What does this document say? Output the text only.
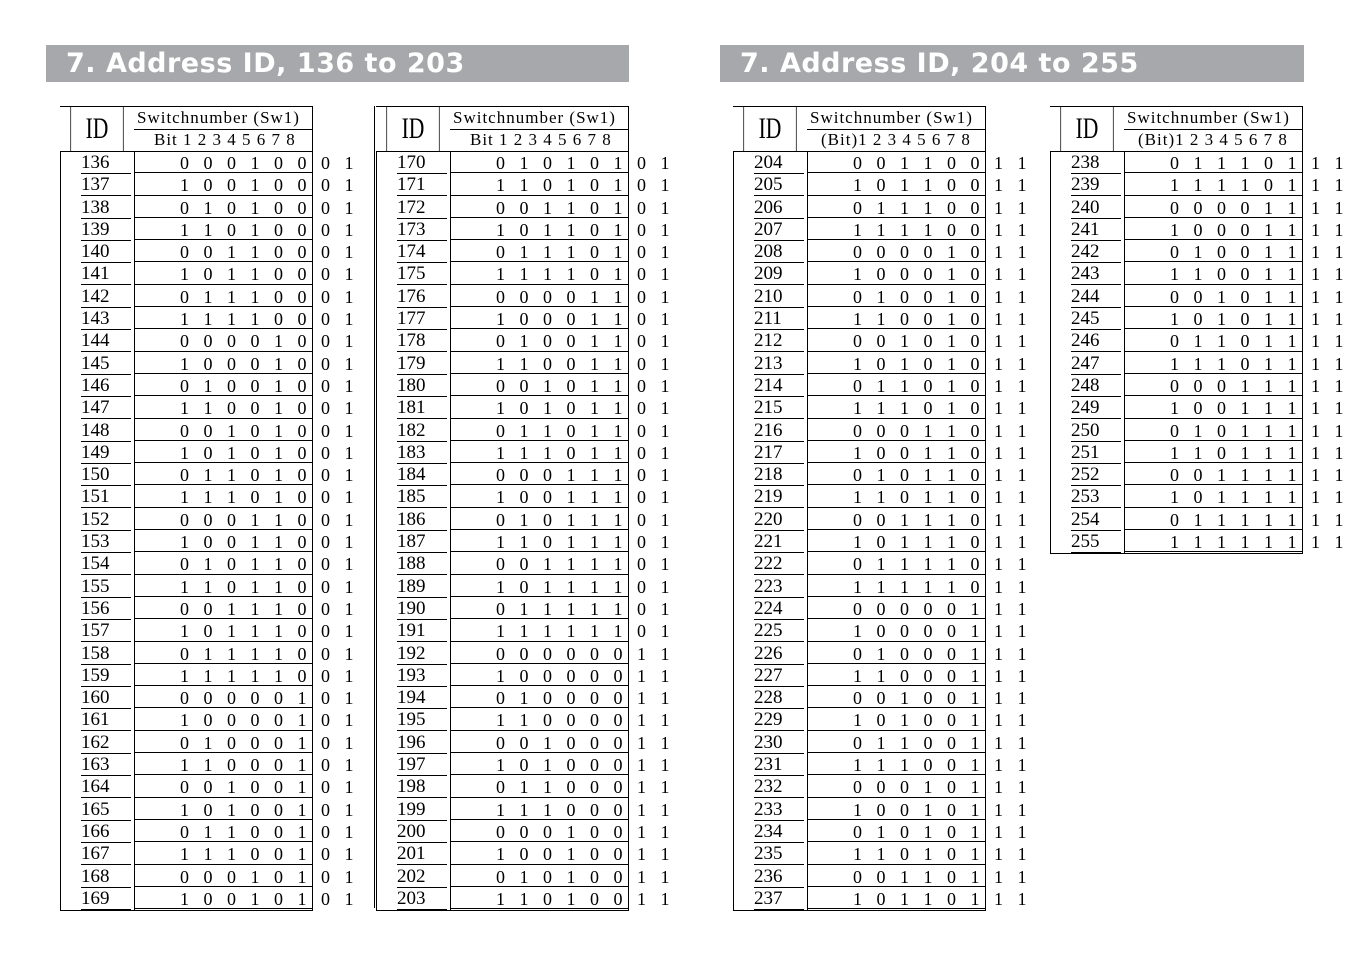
7. Address ID, 136 to 203	7. Address ID, 204 to 255
ID	Switchnumber (Sw1)
Bit 1 2 3 4 5 6 7 8
136	0 0 0 1 0 0 0 1
137	1 0 0 1 0 0 0 1
138	0 1 0 1 0 0 0 1
139	1 1 0 1 0 0 0 1
140	0 0 1 1 0 0 0 1
141	1 0 1 1 0 0 0 1
142	0 1 1 1 0 0 0 1
143	1 1 1 1 0 0 0 1
144	0 0 0 0 1 0 0 1
145	1 0 0 0 1 0 0 1
146	0 1 0 0 1 0 0 1
147	1 1 0 0 1 0 0 1
148	0 0 1 0 1 0 0 1
149	1 0 1 0 1 0 0 1
150	0 1 1 0 1 0 0 1
151	1 1 1 0 1 0 0 1
152	0 0 0 1 1 0 0 1
153	1 0 0 1 1 0 0 1
154	0 1 0 1 1 0 0 1
155	1 1 0 1 1 0 0 1
156	0 0 1 1 1 0 0 1
157	1 0 1 1 1 0 0 1
158	0 1 1 1 1 0 0 1
159	1 1 1 1 1 0 0 1
160	0 0 0 0 0 1 0 1
161	1 0 0 0 0 1 0 1
162	0 1 0 0 0 1 0 1
163	1 1 0 0 0 1 0 1
164	0 0 1 0 0 1 0 1
165	1 0 1 0 0 1 0 1
166	0 1 1 0 0 1 0 1
167	1 1 1 0 0 1 0 1
168	0 0 0 1 0 1 0 1
169	1 0 0 1 0 1 0 1
ID	Switchnumber (Sw1)
Bit 1 2 3 4 5 6 7 8
170	0 1 0 1 0 1 0 1
171	1 1 0 1 0 1 0 1
172	0 0 1 1 0 1 0 1
173	1 0 1 1 0 1 0 1
174	0 1 1 1 0 1 0 1
175	1 1 1 1 0 1 0 1
176	0 0 0 0 1 1 0 1
177	1 0 0 0 1 1 0 1
178	0 1 0 0 1 1 0 1
179	1 1 0 0 1 1 0 1
180	0 0 1 0 1 1 0 1
181	1 0 1 0 1 1 0 1
182	0 1 1 0 1 1 0 1
183	1 1 1 0 1 1 0 1
184	0 0 0 1 1 1 0 1
185	1 0 0 1 1 1 0 1
186	0 1 0 1 1 1 0 1
187	1 1 0 1 1 1 0 1
188	0 0 1 1 1 1 0 1
189	1 0 1 1 1 1 0 1
190	0 1 1 1 1 1 0 1
191	1 1 1 1 1 1 0 1
192	0 0 0 0 0 0 1 1
193	1 0 0 0 0 0 1 1
194	0 1 0 0 0 0 1 1
195	1 1 0 0 0 0 1 1
196	0 0 1 0 0 0 1 1
197	1 0 1 0 0 0 1 1
198	0 1 1 0 0 0 1 1
199	1 1 1 0 0 0 1 1
200	0 0 0 1 0 0 1 1
201	1 0 0 1 0 0 1 1
202	0 1 0 1 0 0 1 1
203	1 1 0 1 0 0 1 1
ID	Switchnumber (Sw1)
(Bit)1 2 3 4 5 6 7 8
204	0 0 1 1 0 0 1 1
205	1 0 1 1 0 0 1 1
206	0 1 1 1 0 0 1 1
207	1 1 1 1 0 0 1 1
208	0 0 0 0 1 0 1 1
209	1 0 0 0 1 0 1 1
210	0 1 0 0 1 0 1 1
211	1 1 0 0 1 0 1 1
212	0 0 1 0 1 0 1 1
213	1 0 1 0 1 0 1 1
214	0 1 1 0 1 0 1 1
215	1 1 1 0 1 0 1 1
216	0 0 0 1 1 0 1 1
217	1 0 0 1 1 0 1 1
218	0 1 0 1 1 0 1 1
219	1 1 0 1 1 0 1 1
220	0 0 1 1 1 0 1 1
221	1 0 1 1 1 0 1 1
222	0 1 1 1 1 0 1 1
223	1 1 1 1 1 0 1 1
224	0 0 0 0 0 1 1 1
225	1 0 0 0 0 1 1 1
226	0 1 0 0 0 1 1 1
227	1 1 0 0 0 1 1 1
228	0 0 1 0 0 1 1 1
229	1 0 1 0 0 1 1 1
230	0 1 1 0 0 1 1 1
231	1 1 1 0 0 1 1 1
232	0 0 0 1 0 1 1 1
233	1 0 0 1 0 1 1 1
234	0 1 0 1 0 1 1 1
235	1 1 0 1 0 1 1 1
236	0 0 1 1 0 1 1 1
237	1 0 1 1 0 1 1 1
ID	Switchnumber (Sw1)
(Bit)1 2 3 4 5 6 7 8
238	0 1 1 1 0 1 1 1
239	1 1 1 1 0 1 1 1
240	0 0 0 0 1 1 1 1
241	1 0 0 0 1 1 1 1
242	0 1 0 0 1 1 1 1
243	1 1 0 0 1 1 1 1
244	0 0 1 0 1 1 1 1
245	1 0 1 0 1 1 1 1
246	0 1 1 0 1 1 1 1
247	1 1 1 0 1 1 1 1
248	0 0 0 1 1 1 1 1
249	1 0 0 1 1 1 1 1
250	0 1 0 1 1 1 1 1
251	1 1 0 1 1 1 1 1
252	0 0 1 1 1 1 1 1
253	1 0 1 1 1 1 1 1
254	0 1 1 1 1 1 1 1
255	1 1 1 1 1 1 1 1
